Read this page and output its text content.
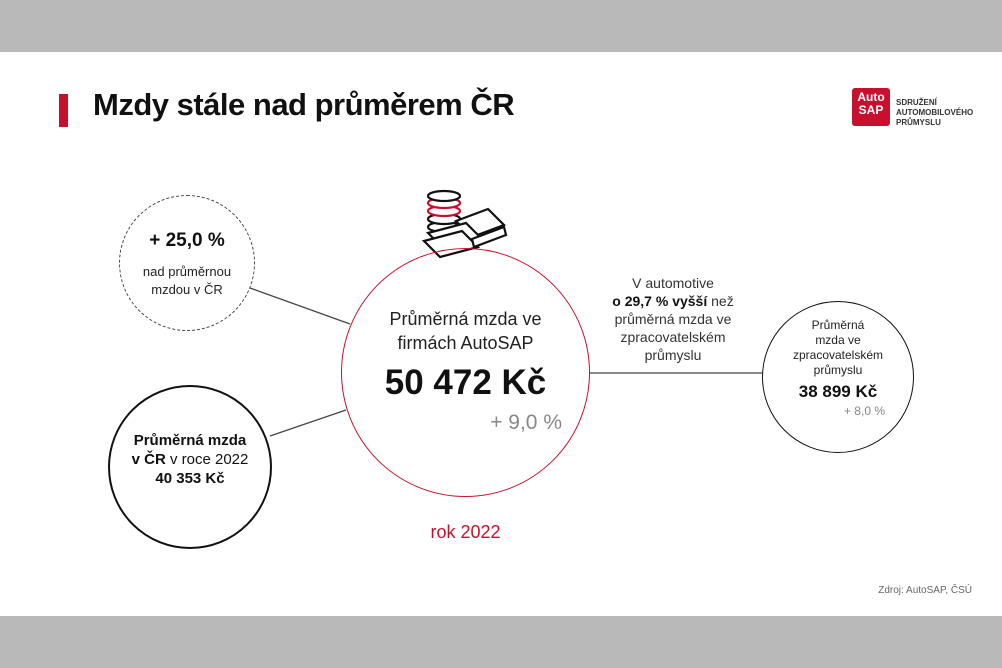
Mzdy stále nad průměrem ČR	Auto
SAP
SDRUŽENÍ
AUTOMOBILOVÉHO
PRŮMYSLU
+ 25,0 %
nad průměrnou
mzdou v ČR
Průměrná mzda
v ČR v roce 2022
40 353 Kč
Průměrná mzda ve
firmách AutoSAP
50 472 Kč
+ 9,0 %
rok 2022
V automotive
o 29,7 % vyšší než
průměrná mzda ve
zpracovatelském
průmyslu
Průměrná
mzda ve
zpracovatelském
průmyslu
38 899 Kč
+ 8,0 %
Zdroj: AutoSAP, ČSÚ
